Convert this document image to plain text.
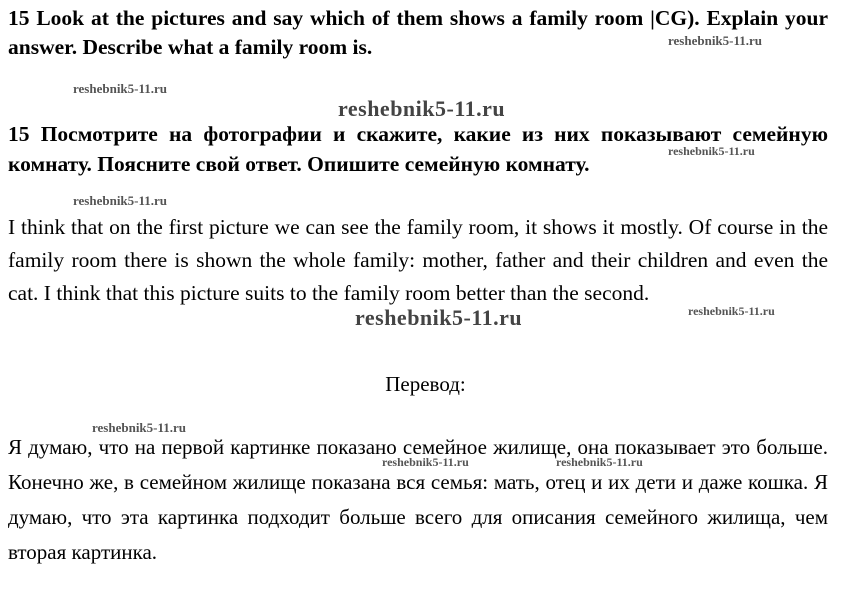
15 Look at the pictures and say which of them shows a family room |CG). Explain your answer. Describe what a family room is.
15 Посмотрите на фотографии и скажите, какие из них показывают семейную комнату. Поясните свой ответ. Опишите семейную комнату.
I think that on the first picture we can see the family room, it shows it mostly. Of course in the family room there is shown the whole family: mother, father and their children and even the cat. I think that this picture suits to the family room better than the second.
Перевод:
Я думаю, что на первой картинке показано семейное жилище, она показывает это больше. Конечно же, в семейном жилище показана вся семья: мать, отец и их дети и даже кошка. Я думаю, что эта картинка подходит больше всего для описания семейного жилища, чем вторая картинка.
reshebnik5-11.ru
reshebnik5-11.ru
reshebnik5-11.ru
reshebnik5-11.ru
reshebnik5-11.ru
reshebnik5-11.ru	reshebnik5-11.ru
reshebnik5-11.ru
reshebnik5-11.ru	reshebnik5-11.ru
